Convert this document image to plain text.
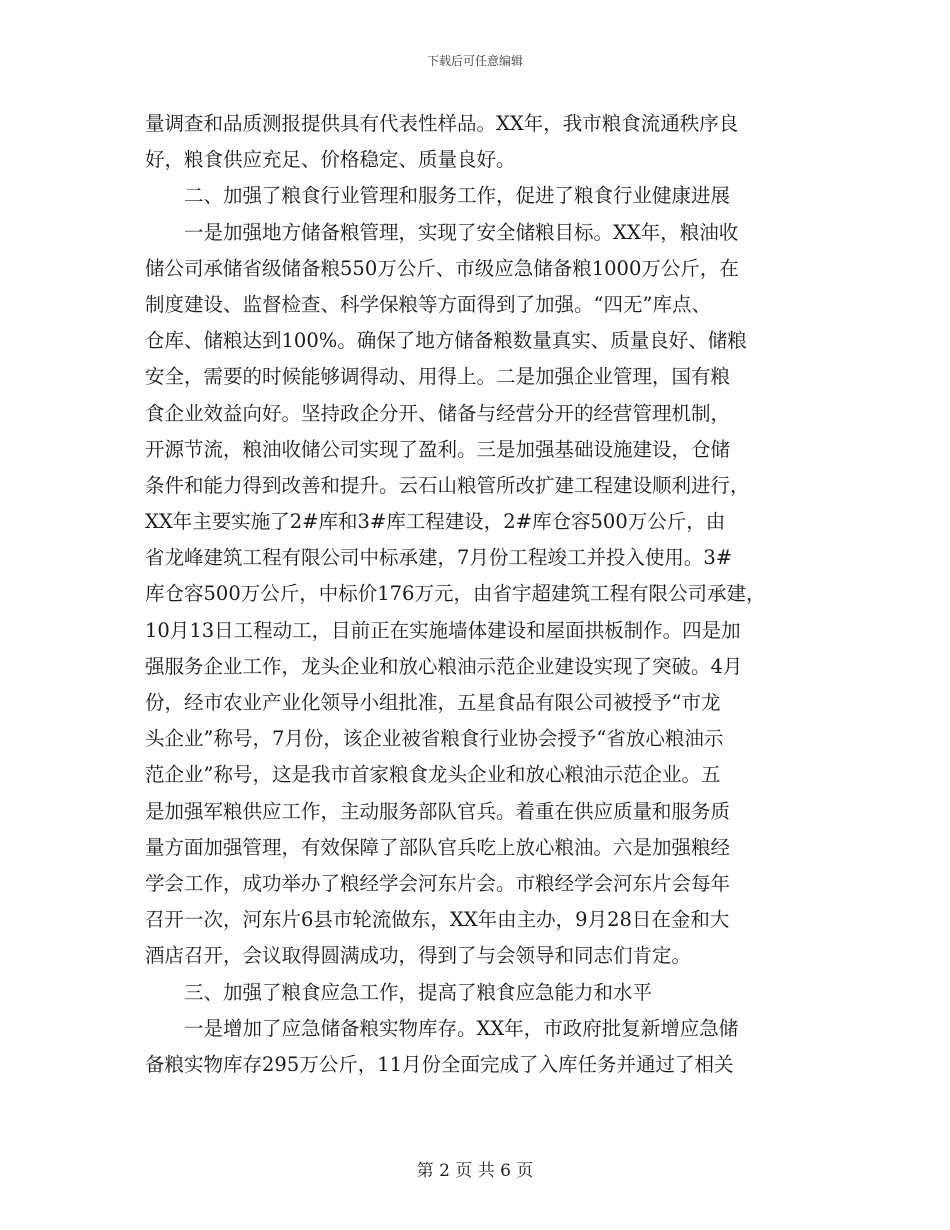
下载后可任意编辑
量调查和品质测报提供具有代表性样品。XX年，我市粮食流通秩序良
好，粮食供应充足、价格稳定、质量良好。
　　二、加强了粮食行业管理和服务工作，促进了粮食行业健康进展
　　一是加强地方储备粮管理，实现了安全储粮目标。XX年，粮油收
储公司承储省级储备粮550万公斤、市级应急储备粮1000万公斤，在
制度建设、监督检查、科学保粮等方面得到了加强。“四无”库点、
仓库、储粮达到100%。确保了地方储备粮数量真实、质量良好、储粮
安全，需要的时候能够调得动、用得上。二是加强企业管理，国有粮
食企业效益向好。坚持政企分开、储备与经营分开的经营管理机制，
开源节流，粮油收储公司实现了盈利。三是加强基础设施建设，仓储
条件和能力得到改善和提升。云石山粮管所改扩建工程建设顺利进行，
XX年主要实施了2#库和3#库工程建设，2#库仓容500万公斤，由
省龙峰建筑工程有限公司中标承建，7月份工程竣工并投入使用。3#
库仓容500万公斤，中标价176万元，由省宇超建筑工程有限公司承建，
10月13日工程动工，目前正在实施墙体建设和屋面拱板制作。四是加
强服务企业工作，龙头企业和放心粮油示范企业建设实现了突破。4月
份，经市农业产业化领导小组批准，五星食品有限公司被授予“市龙
头企业”称号，7月份，该企业被省粮食行业协会授予“省放心粮油示
范企业”称号，这是我市首家粮食龙头企业和放心粮油示范企业。五
是加强军粮供应工作，主动服务部队官兵。着重在供应质量和服务质
量方面加强管理，有效保障了部队官兵吃上放心粮油。六是加强粮经
学会工作，成功举办了粮经学会河东片会。市粮经学会河东片会每年
召开一次，河东片6县市轮流做东，XX年由主办，9月28日在金和大
酒店召开，会议取得圆满成功，得到了与会领导和同志们肯定。
　　三、加强了粮食应急工作，提高了粮食应急能力和水平
　　一是增加了应急储备粮实物库存。XX年，市政府批复新增应急储
备粮实物库存295万公斤，11月份全面完成了入库任务并通过了相关
第 2 页 共 6 页
